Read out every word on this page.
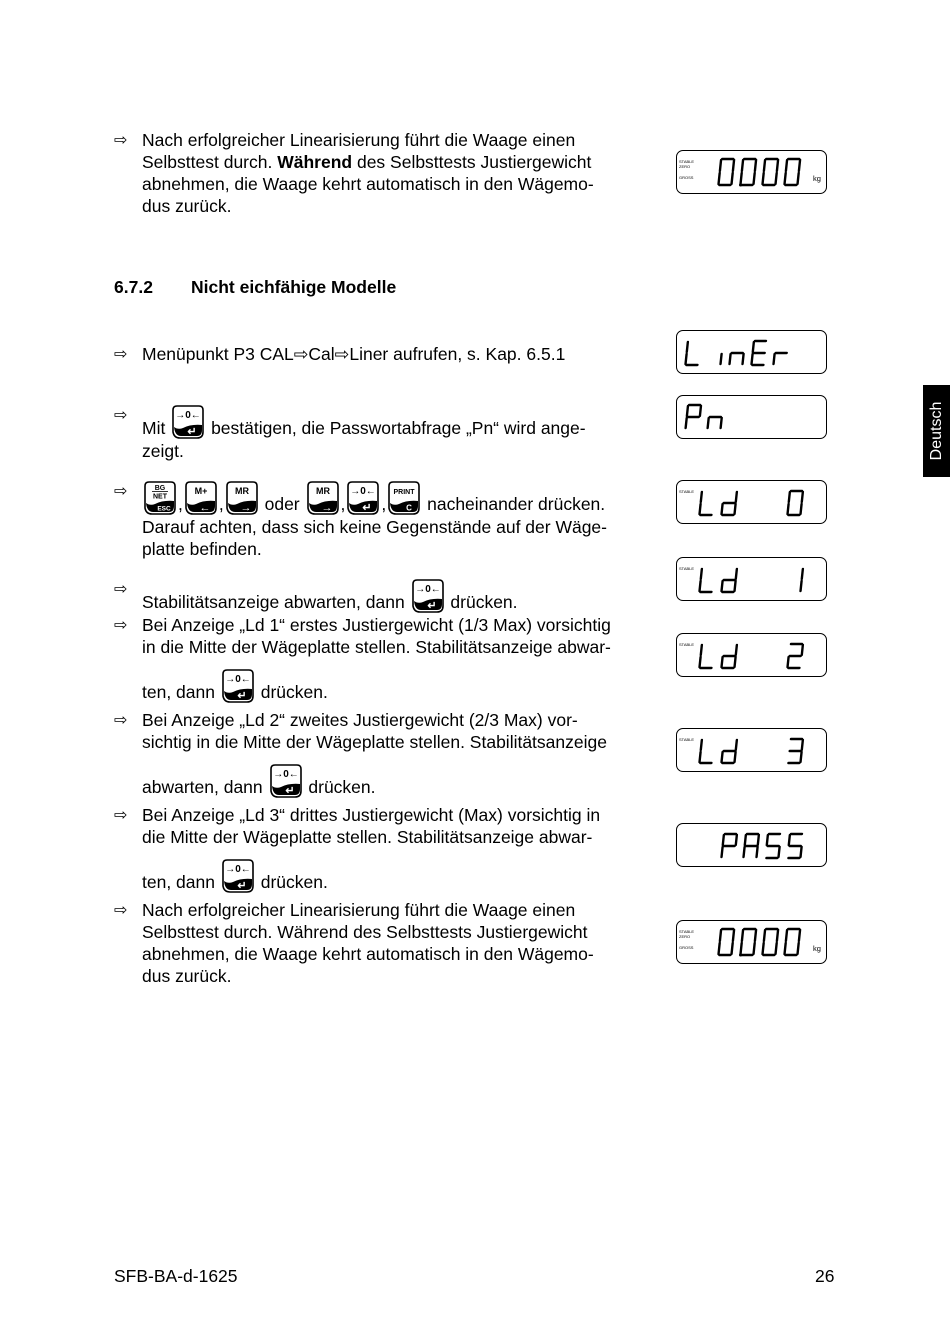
⇨ Nach erfolgreicher Linearisierung führt die Waage einen
Selbsttest durch. Während des Selbsttests Justiergewicht
abnehmen, die Waage kehrt automatisch in den Wägemo-
dus zurück.
6.7.2 Nicht eichfähige Modelle
⇨ Menüpunkt P3 CAL⇨Cal⇨Liner aufrufen, s. Kap. 6.5.1
⇨
Mit
→0←
↵ bestätigen, die Passwortabfrage „Pn“ wird ange-
zeigt.
⇨	BG
NET
ESC ,
M+
← ,
MR
→ oder
MR
→ ,
→0←
↵ ,
PRINT
C nacheinander drücken.
Darauf achten, dass sich keine Gegenstände auf der Wäge-
platte befinden.
⇨
Stabilitätsanzeige abwarten, dann
→0←
↵ drücken.
⇨ Bei Anzeige „Ld 1“ erstes Justiergewicht (1/3 Max) vorsichtig
in die Mitte der Wägeplatte stellen. Stabilitätsanzeige abwar-
ten, dann
→0←
↵ drücken.
⇨ Bei Anzeige „Ld 2“ zweites Justiergewicht (2/3 Max) vor-
sichtig in die Mitte der Wägeplatte stellen. Stabilitätsanzeige
abwarten, dann
→0←
↵ drücken.
⇨ Bei Anzeige „Ld 3“ drittes Justiergewicht (Max) vorsichtig in
die Mitte der Wägeplatte stellen. Stabilitätsanzeige abwar-
ten, dann
→0←
↵ drücken.
⇨ Nach erfolgreicher Linearisierung führt die Waage einen
Selbsttest durch. Während des Selbsttests Justiergewicht
abnehmen, die Waage kehrt automatisch in den Wägemo-
dus zurück.
STABLE
ZERO
GROSS	kg
STABLE
STABLE
STABLE
STABLE
STABLE
ZERO
GROSS	kg
Deutsch
SFB-BA-d-1625	26
